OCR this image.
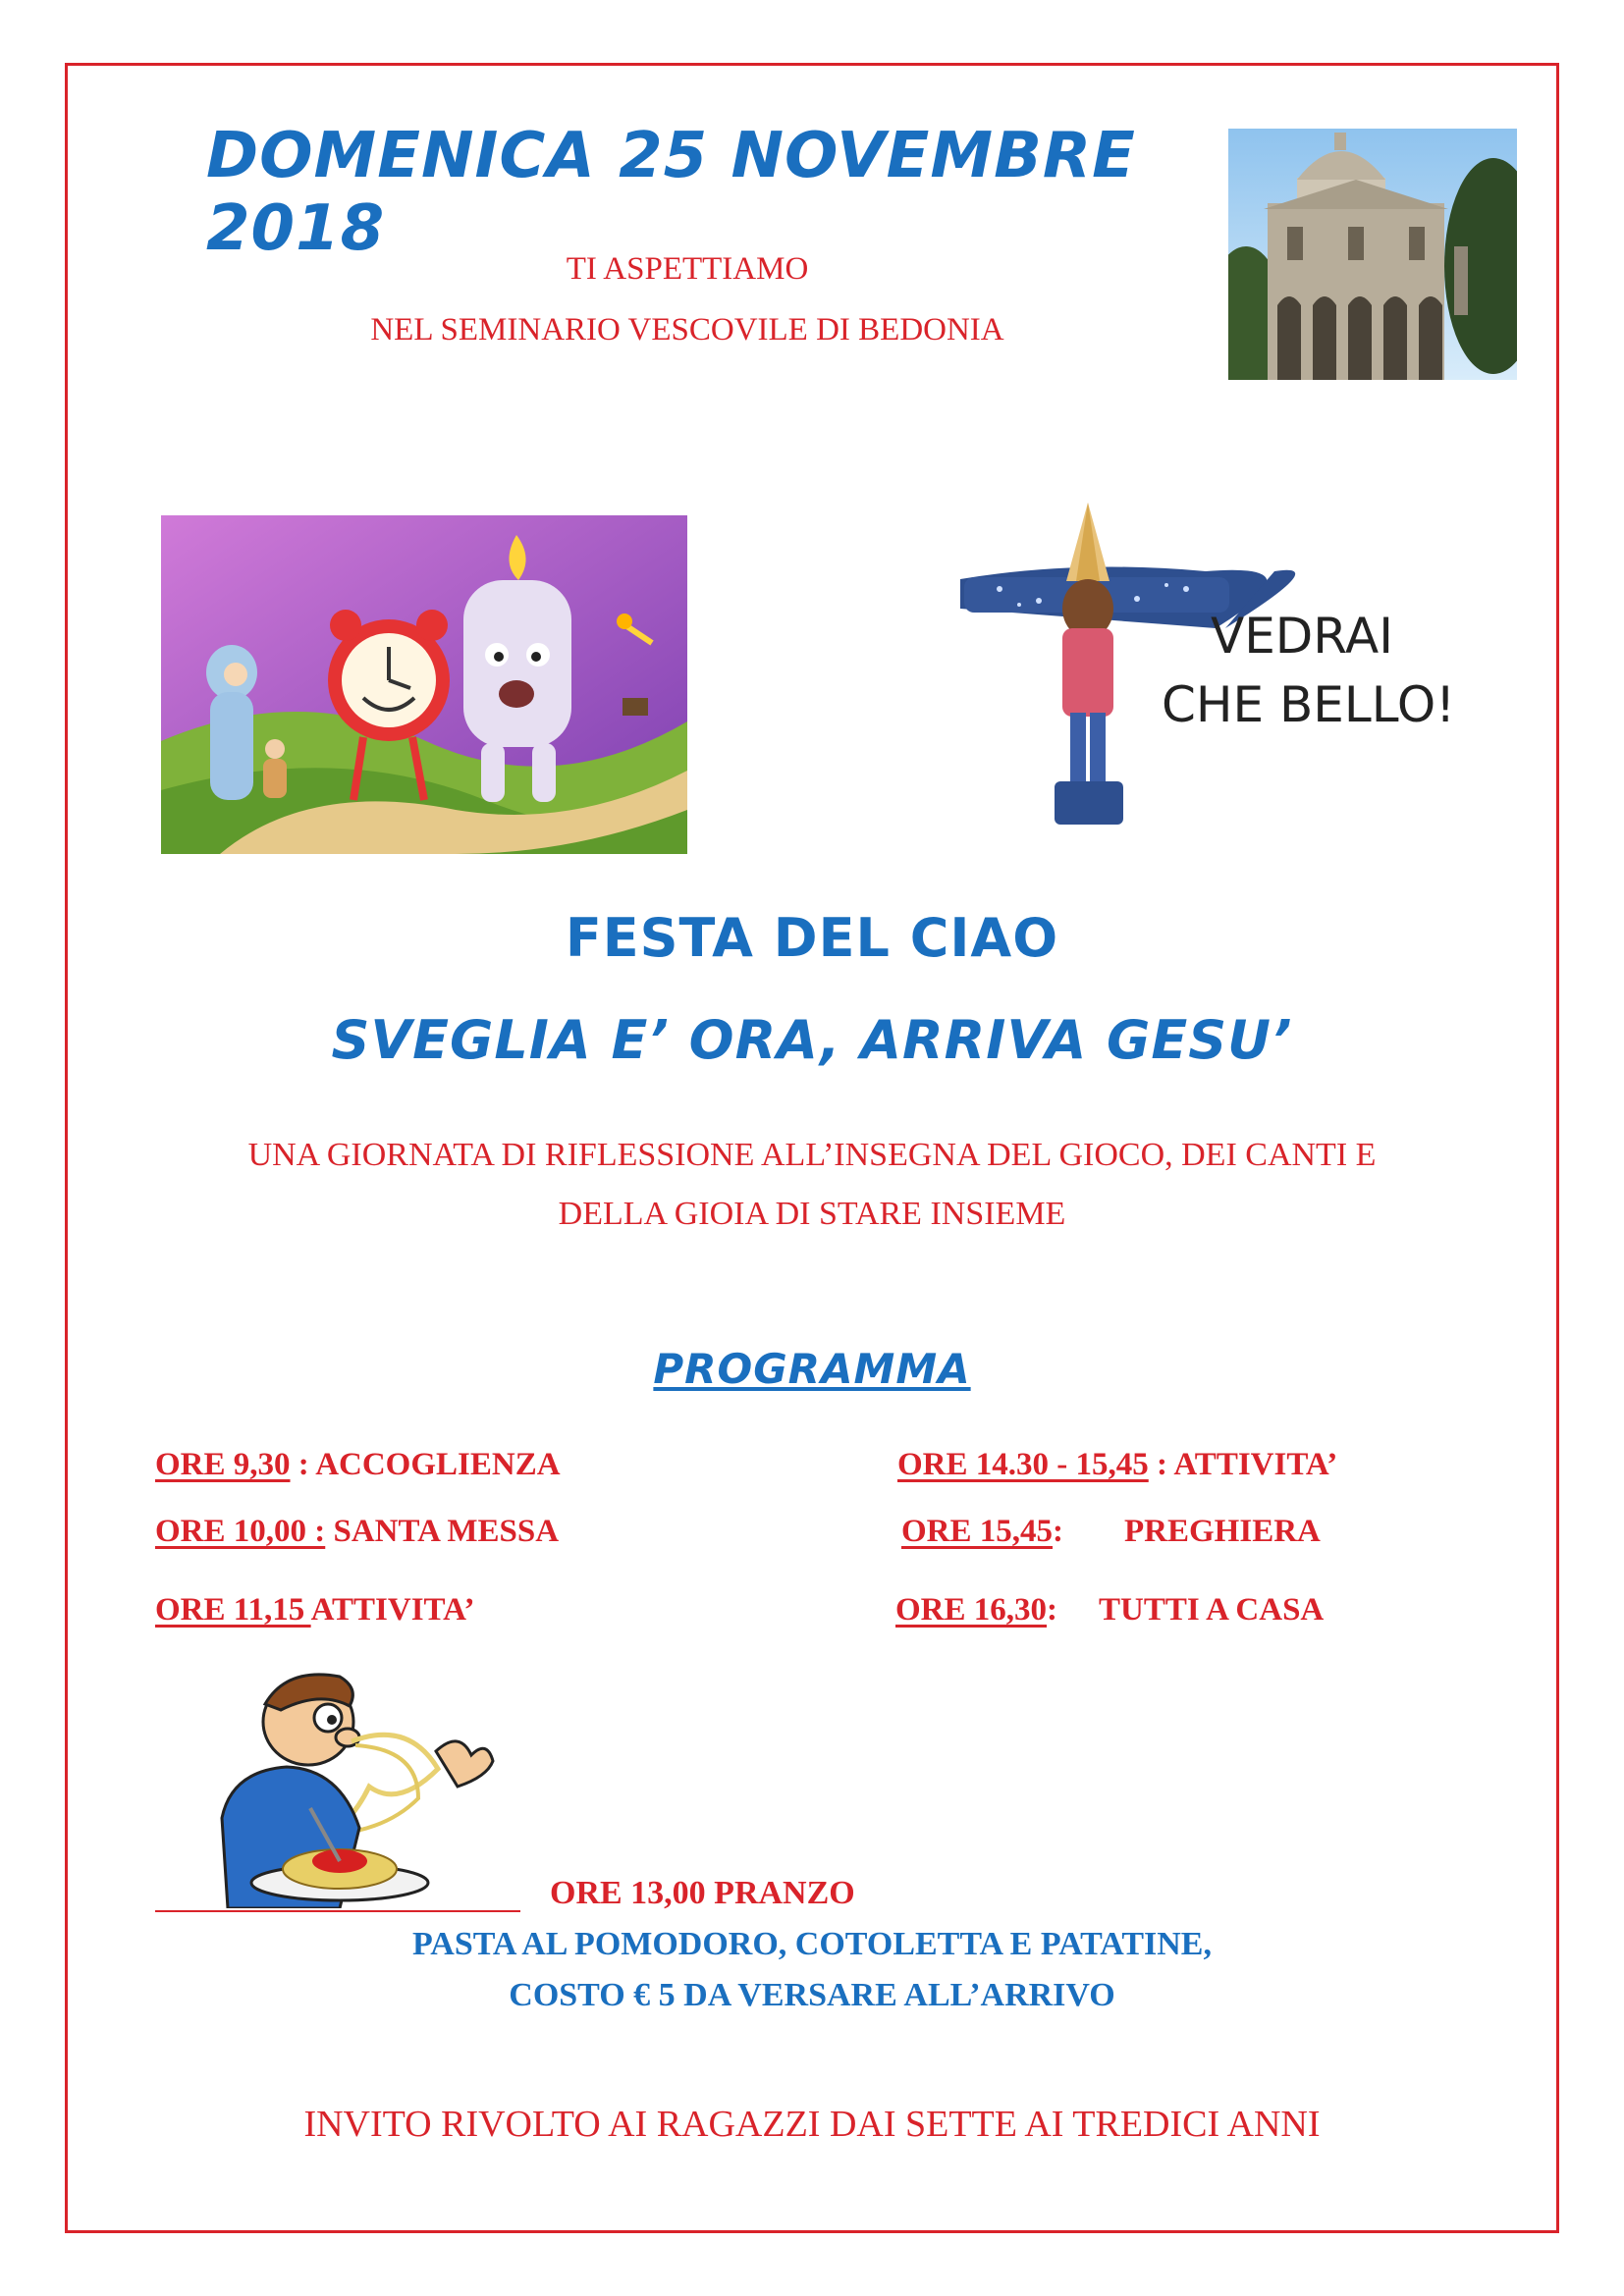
DOMENICA 25 NOVEMBRE 2018
TI ASPETTIAMO
NEL SEMINARIO VESCOVILE DI BEDONIA
VEDRAI
CHE BELLO!
FESTA DEL CIAO
SVEGLIA E’ ORA, ARRIVA GESU’
UNA GIORNATA DI RIFLESSIONE ALL’INSEGNA DEL GIOCO, DEI CANTI E
DELLA GIOIA DI STARE INSIEME
PROGRAMMA
ORE 9,30 : ACCOGLIENZA
ORE 10,00 : SANTA MESSA
ORE 11,15 ATTIVITA’
ORE 14.30 - 15,45 : ATTIVITA’
ORE 15,45: PREGHIERA
ORE 16,30: TUTTI A CASA
ORE 13,00 PRANZO
PASTA AL POMODORO, COTOLETTA E PATATINE,
COSTO € 5 DA VERSARE ALL’ARRIVO
INVITO RIVOLTO AI RAGAZZI DAI SETTE AI TREDICI ANNI
